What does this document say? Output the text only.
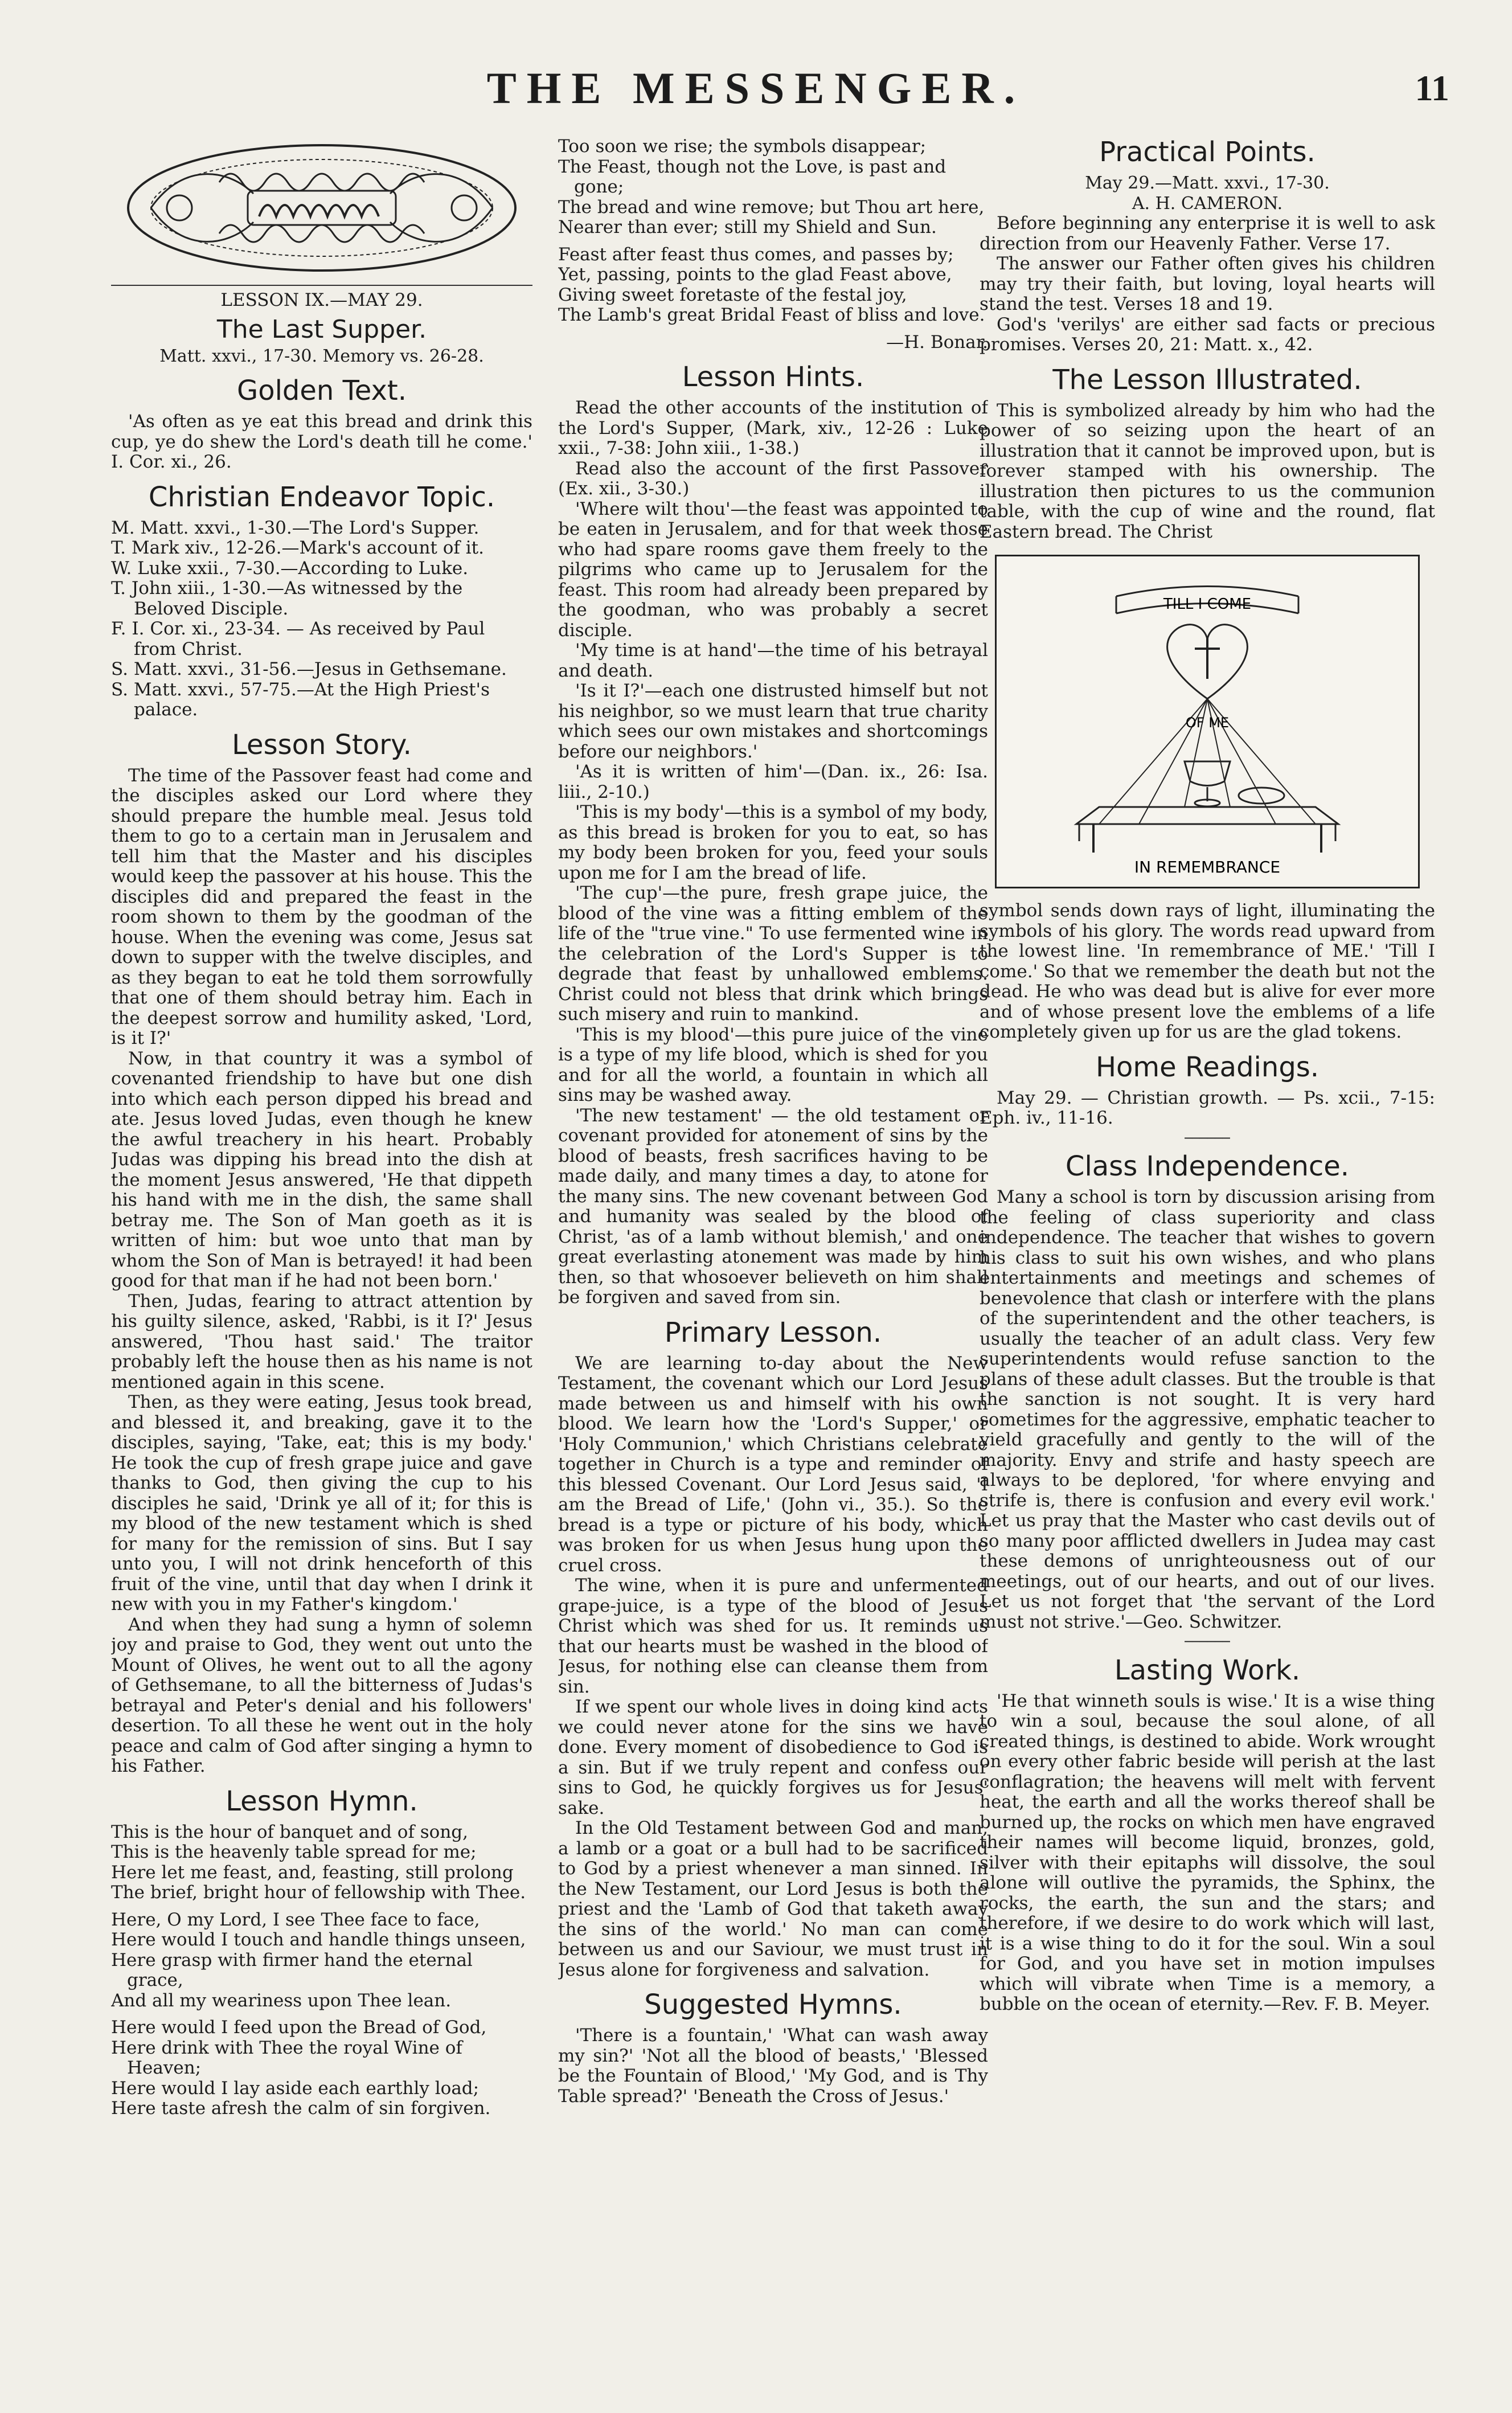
THE MESSENGER.	11

LESSON IX.—MAY 29.

The Last Supper.

Matt. xxvi., 17-30. Memory vs. 26-28.

Golden Text.

'As often as ye eat this bread and drink this cup, ye do shew the Lord's death till he come.' I. Cor. xi., 26.

Christian Endeavor Topic.
M. Matt. xxvi., 1-30.—The Lord's Supper.
T. Mark xiv., 12-26.—Mark's account of it.
W. Luke xxii., 7-30.—According to Luke.
T. John xiii., 1-30.—As witnessed by the Beloved Disciple.
F. I. Cor. xi., 23-34. — As received by Paul from Christ.
S. Matt. xxvi., 31-56.—Jesus in Gethsemane.
S. Matt. xxvi., 57-75.—At the High Priest's palace.
Lesson Story.

The time of the Passover feast had come and the disciples asked our Lord where they should prepare the humble meal. Jesus told them to go to a certain man in Jerusalem and tell him that the Master and his disciples would keep the passover at his house. This the disciples did and prepared the feast in the room shown to them by the goodman of the house. When the evening was come, Jesus sat down to supper with the twelve disciples, and as they began to eat he told them sorrowfully that one of them should betray him. Each in the deepest sorrow and humility asked, 'Lord, is it I?'

Now, in that country it was a symbol of covenanted friendship to have but one dish into which each person dipped his bread and ate. Jesus loved Judas, even though he knew the awful treachery in his heart. Probably Judas was dipping his bread into the dish at the moment Jesus answered, 'He that dippeth his hand with me in the dish, the same shall betray me. The Son of Man goeth as it is written of him: but woe unto that man by whom the Son of Man is betrayed! it had been good for that man if he had not been born.'

Then, Judas, fearing to attract attention by his guilty silence, asked, 'Rabbi, is it I?' Jesus answered, 'Thou hast said.' The traitor probably left the house then as his name is not mentioned again in this scene.

Then, as they were eating, Jesus took bread, and blessed it, and breaking, gave it to the disciples, saying, 'Take, eat; this is my body.' He took the cup of fresh grape juice and gave thanks to God, then giving the cup to his disciples he said, 'Drink ye all of it; for this is my blood of the new testament which is shed for many for the remission of sins. But I say unto you, I will not drink henceforth of this fruit of the vine, until that day when I drink it new with you in my Father's kingdom.'

And when they had sung a hymn of solemn joy and praise to God, they went out unto the Mount of Olives, he went out to all the agony of Gethsemane, to all the bitterness of Judas's betrayal and Peter's denial and his followers' desertion. To all these he went out in the holy peace and calm of God after singing a hymn to his Father.

Lesson Hymn.
This is the hour of banquet and of song,
This is the heavenly table spread for me;
Here let me feast, and, feasting, still prolong
The brief, bright hour of fellowship with Thee.
Here, O my Lord, I see Thee face to face,
Here would I touch and handle things unseen,
Here grasp with firmer hand the eternal grace,
And all my weariness upon Thee lean.
Here would I feed upon the Bread of God,
Here drink with Thee the royal Wine of Heaven;
Here would I lay aside each earthly load;
Here taste afresh the calm of sin forgiven.
Too soon we rise; the symbols disappear;
The Feast, though not the Love, is past and gone;
The bread and wine remove; but Thou art here,
Nearer than ever; still my Shield and Sun.
Feast after feast thus comes, and passes by;
Yet, passing, points to the glad Feast above,
Giving sweet foretaste of the festal joy,
The Lamb's great Bridal Feast of bliss and love.

—H. Bonar.

Lesson Hints.

Read the other accounts of the institution of the Lord's Supper, (Mark, xiv., 12-26 : Luke xxii., 7-38: John xiii., 1-38.)

Read also the account of the first Passover (Ex. xii., 3-30.)

'Where wilt thou'—the feast was appointed to be eaten in Jerusalem, and for that week those who had spare rooms gave them freely to the pilgrims who came up to Jerusalem for the feast. This room had already been prepared by the goodman, who was probably a secret disciple.

'My time is at hand'—the time of his betrayal and death.

'Is it I?'—each one distrusted himself but not his neighbor, so we must learn that true charity which sees our own mistakes and shortcomings before our neighbors.'

'As it is written of him'—(Dan. ix., 26: Isa. liii., 2-10.)

'This is my body'—this is a symbol of my body, as this bread is broken for you to eat, so has my body been broken for you, feed your souls upon me for I am the bread of life.

'The cup'—the pure, fresh grape juice, the blood of the vine was a fitting emblem of the life of the "true vine." To use fermented wine in the celebration of the Lord's Supper is to degrade that feast by unhallowed emblems. Christ could not bless that drink which brings such misery and ruin to mankind.

'This is my blood'—this pure juice of the vine is a type of my life blood, which is shed for you and for all the world, a fountain in which all sins may be washed away.

'The new testament' — the old testament or covenant provided for atonement of sins by the blood of beasts, fresh sacrifices having to be made daily, and many times a day, to atone for the many sins. The new covenant between God and humanity was sealed by the blood of Christ, 'as of a lamb without blemish,' and one great everlasting atonement was made by him then, so that whosoever believeth on him shall be forgiven and saved from sin.

Primary Lesson.

We are learning to-day about the New Testament, the covenant which our Lord Jesus made between us and himself with his own blood. We learn how the 'Lord's Supper,' or 'Holy Communion,' which Christians celebrate together in Church is a type and reminder of this blessed Covenant. Our Lord Jesus said, 'I am the Bread of Life,' (John vi., 35.). So the bread is a type or picture of his body, which was broken for us when Jesus hung upon the cruel cross.

The wine, when it is pure and unfermented grape-juice, is a type of the blood of Jesus Christ which was shed for us. It reminds us that our hearts must be washed in the blood of Jesus, for nothing else can cleanse them from sin.

If we spent our whole lives in doing kind acts we could never atone for the sins we have done. Every moment of disobedience to God is a sin. But if we truly repent and confess our sins to God, he quickly forgives us for Jesus' sake.

In the Old Testament between God and man, a lamb or a goat or a bull had to be sacrificed to God by a priest whenever a man sinned. In the New Testament, our Lord Jesus is both the priest and the 'Lamb of God that taketh away the sins of the world.' No man can come between us and our Saviour, we must trust in Jesus alone for forgiveness and salvation.

Suggested Hymns.

'There is a fountain,' 'What can wash away my sin?' 'Not all the blood of beasts,' 'Blessed be the Fountain of Blood,' 'My God, and is Thy Table spread?' 'Beneath the Cross of Jesus.'

Practical Points.

May 29.—Matt. xxvi., 17-30.

A. H. CAMERON.

Before beginning any enterprise it is well to ask direction from our Heavenly Father. Verse 17.

The answer our Father often gives his children may try their faith, but loving, loyal hearts will stand the test. Verses 18 and 19.

God's 'verilys' are either sad facts or precious promises. Verses 20, 21: Matt. x., 42.

The Lesson Illustrated.

This is symbolized already by him who had the power of so seizing upon the heart of an illustration that it cannot be improved upon, but is forever stamped with his ownership. The illustration then pictures to us the communion table, with the cup of wine and the round, flat Eastern bread. The Christ

TILL I COME
OF ME
IN REMEMBRANCE

symbol sends down rays of light, illuminating the symbols of his glory. The words read upward from the lowest line. 'In remembrance of ME.' 'Till I come.' So that we remember the death but not the dead. He who was dead but is alive for ever more and of whose present love the emblems of a life completely given up for us are the glad tokens.

Home Readings.

May 29. — Christian growth. — Ps. xcii., 7-15: Eph. iv., 11-16.

──────
Class Independence.

Many a school is torn by discussion arising from the feeling of class superiority and class independence. The teacher that wishes to govern his class to suit his own wishes, and who plans entertainments and meetings and schemes of benevolence that clash or interfere with the plans of the superintendent and the other teachers, is usually the teacher of an adult class. Very few superintendents would refuse sanction to the plans of these adult classes. But the trouble is that the sanction is not sought. It is very hard sometimes for the aggressive, emphatic teacher to yield gracefully and gently to the will of the majority. Envy and strife and hasty speech are always to be deplored, 'for where envying and strife is, there is confusion and every evil work.' Let us pray that the Master who cast devils out of so many poor afflicted dwellers in Judea may cast these demons of unrighteousness out of our meetings, out of our hearts, and out of our lives. Let us not forget that 'the servant of the Lord must not strive.'—Geo. Schwitzer.

──────
Lasting Work.

'He that winneth souls is wise.' It is a wise thing to win a soul, because the soul alone, of all created things, is destined to abide. Work wrought on every other fabric beside will perish at the last conflagration; the heavens will melt with fervent heat, the earth and all the works thereof shall be burned up, the rocks on which men have engraved their names will become liquid, bronzes, gold, silver with their epitaphs will dissolve, the soul alone will outlive the pyramids, the Sphinx, the rocks, the earth, the sun and the stars; and therefore, if we desire to do work which will last, it is a wise thing to do it for the soul. Win a soul for God, and you have set in motion impulses which will vibrate when Time is a memory, a bubble on the ocean of eternity.—Rev. F. B. Meyer.
